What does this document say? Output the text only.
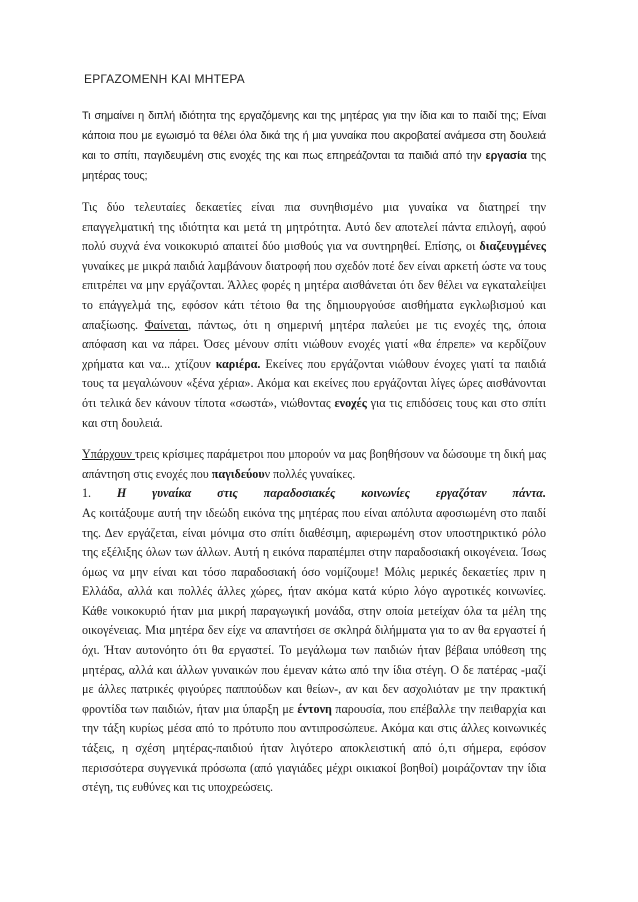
ΕΡΓΑΖΟΜΕΝΗ ΚΑΙ ΜΗΤΕΡΑ

Τι σημαίνει η διπλή ιδιότητα της εργαζόμενης και της μητέρας για την ίδια και το παιδί της; Είναι κάποια που με εγωισμό τα θέλει όλα δικά της ή μια γυναίκα που ακροβατεί ανάμεσα στη δουλειά και το σπίτι, παγιδευμένη στις ενοχές της και πως επηρεάζονται τα παιδιά από την εργασία της μητέρας τους;

Τις δύο τελευταίες δεκαετίες είναι πια συνηθισμένο μια γυναίκα να διατηρεί την επαγγελματική της ιδιότητα και μετά τη μητρότητα. Αυτό δεν αποτελεί πάντα επιλογή, αφού πολύ συχνά ένα νοικοκυριό απαιτεί δύο μισθούς για να συντηρηθεί. Επίσης, οι διαζευγμένες γυναίκες με μικρά παιδιά λαμβάνουν διατροφή που σχεδόν ποτέ δεν είναι αρκετή ώστε να τους επιτρέπει να μην εργάζονται. Άλλες φορές η μητέρα αισθάνεται ότι δεν θέλει να εγκαταλείψει το επάγγελμά της, εφόσον κάτι τέτοιο θα της δημιουργούσε αισθήματα εγκλωβισμού και απαξίωσης. Φαίνεται, πάντως, ότι η σημερινή μητέρα παλεύει με τις ενοχές της, όποια απόφαση και να πάρει. Όσες μένουν σπίτι νιώθουν ενοχές γιατί «θα έπρεπε» να κερδίζουν χρήματα και να... χτίζουν καριέρα. Εκείνες που εργάζονται νιώθουν ένοχες γιατί τα παιδιά τους τα μεγαλώνουν «ξένα χέρια». Ακόμα και εκείνες που εργάζονται λίγες ώρες αισθάνονται ότι τελικά δεν κάνουν τίποτα «σωστά», νιώθοντας ενοχές για τις επιδόσεις τους και στο σπίτι και στη δουλειά.

Υπάρχουν τρεις κρίσιμες παράμετροι που μπορούν να μας βοηθήσουν να δώσουμε τη δική μας απάντηση στις ενοχές που παγιδεύουν πολλές γυναίκες.

1. Η γυναίκα στις παραδοσιακές κοινωνίες εργαζόταν πάντα.

Ας κοιτάξουμε αυτή την ιδεώδη εικόνα της μητέρας που είναι απόλυτα αφοσιωμένη στο παιδί της. Δεν εργάζεται, είναι μόνιμα στο σπίτι διαθέσιμη, αφιερωμένη στον υποστηρικτικό ρόλο της εξέλιξης όλων των άλλων. Αυτή η εικόνα παραπέμπει στην παραδοσιακή οικογένεια. Ίσως όμως να μην είναι και τόσο παραδοσιακή όσο νομίζουμε! Μόλις μερικές δεκαετίες πριν η Ελλάδα, αλλά και πολλές άλλες χώρες, ήταν ακόμα κατά κύριο λόγο αγροτικές κοινωνίες. Κάθε νοικοκυριό ήταν μια μικρή παραγωγική μονάδα, στην οποία μετείχαν όλα τα μέλη της οικογένειας. Μια μητέρα δεν είχε να απαντήσει σε σκληρά διλήμματα για το αν θα εργαστεί ή όχι. Ήταν αυτονόητο ότι θα εργαστεί. Το μεγάλωμα των παιδιών ήταν βέβαια υπόθεση της μητέρας, αλλά και άλλων γυναικών που έμεναν κάτω από την ίδια στέγη. Ο δε πατέρας -μαζί με άλλες πατρικές φιγούρες παππούδων και θείων-, αν και δεν ασχολιόταν με την πρακτική φροντίδα των παιδιών, ήταν μια ύπαρξη με έντονη παρουσία, που επέβαλλε την πειθαρχία και την τάξη κυρίως μέσα από το πρότυπο που αντιπροσώπευε. Ακόμα και στις άλλες κοινωνικές τάξεις, η σχέση μητέρας-παιδιού ήταν λιγότερο αποκλειστική από ό,τι σήμερα, εφόσον περισσότερα συγγενικά πρόσωπα (από γιαγιάδες μέχρι οικιακοί βοηθοί) μοιράζονταν την ίδια στέγη, τις ευθύνες και τις υποχρεώσεις.
